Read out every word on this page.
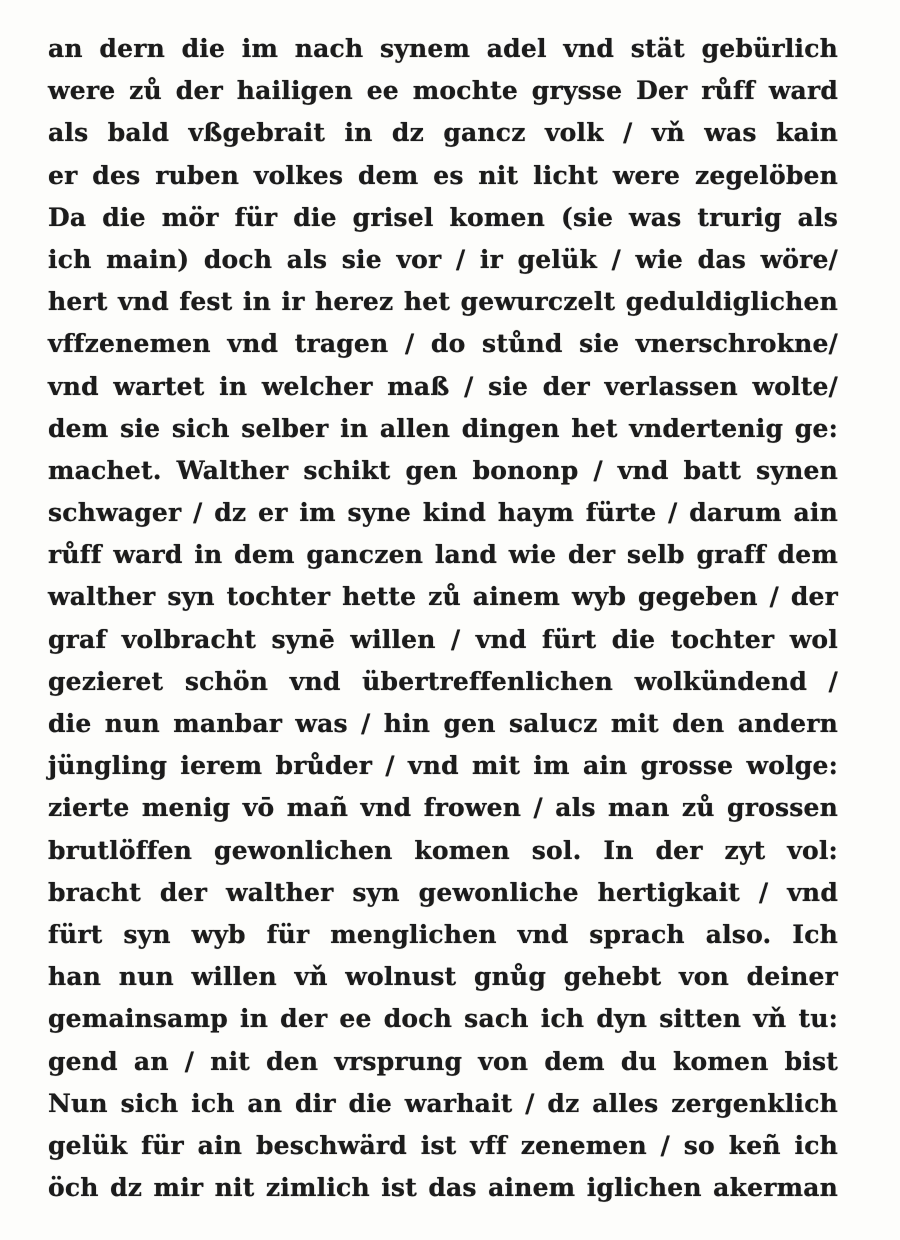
an dern die im nach synem adel vnd stät gebürlich
were zů der hailigen ee mochte grysse Der růff ward
als bald vßgebrait in dz gancz volk / vň was kain
er des ruben volkes dem es nit licht were zegelöben
Da die mör für die grisel komen (sie was trurig als
ich main) doch als sie vor / ir gelük / wie das wöre/
hert vnd fest in ir herez het gewurczelt geduldiglichen
vffzenemen vnd tragen / do stůnd sie vnerschrokne/
vnd wartet in welcher maß / sie der verlassen wolte/
dem sie sich selber in allen dingen het vndertenig ge:
machet. Walther schikt gen bononp / vnd batt synen
schwager / dz er im syne kind haym fürte / darum ain
růff ward in dem ganczen land wie der selb graff dem
walther syn tochter hette zů ainem wyb gegeben / der
graf volbracht synē willen / vnd fürt die tochter wol
gezieret schön vnd übertreffenlichen wolkündend /
die nun manbar was / hin gen salucz mit den andern
jüngling ierem brůder / vnd mit im ain grosse wolge:
zierte menig vō mañ vnd frowen / als man zů grossen
brutlöffen gewonlichen komen sol. In der zyt vol:
bracht der walther syn gewonliche hertigkait / vnd
fürt syn wyb für menglichen vnd sprach also. Ich
han nun willen vň wolnust gnůg gehebt von deiner
gemainsamp in der ee doch sach ich dyn sitten vň tu:
gend an / nit den vrsprung von dem du komen bist
Nun sich ich an dir die warhait / dz alles zergenklich
gelük für ain beschwärd ist vff zenemen / so keñ ich
öch dz mir nit zimlich ist das ainem iglichen akerman
